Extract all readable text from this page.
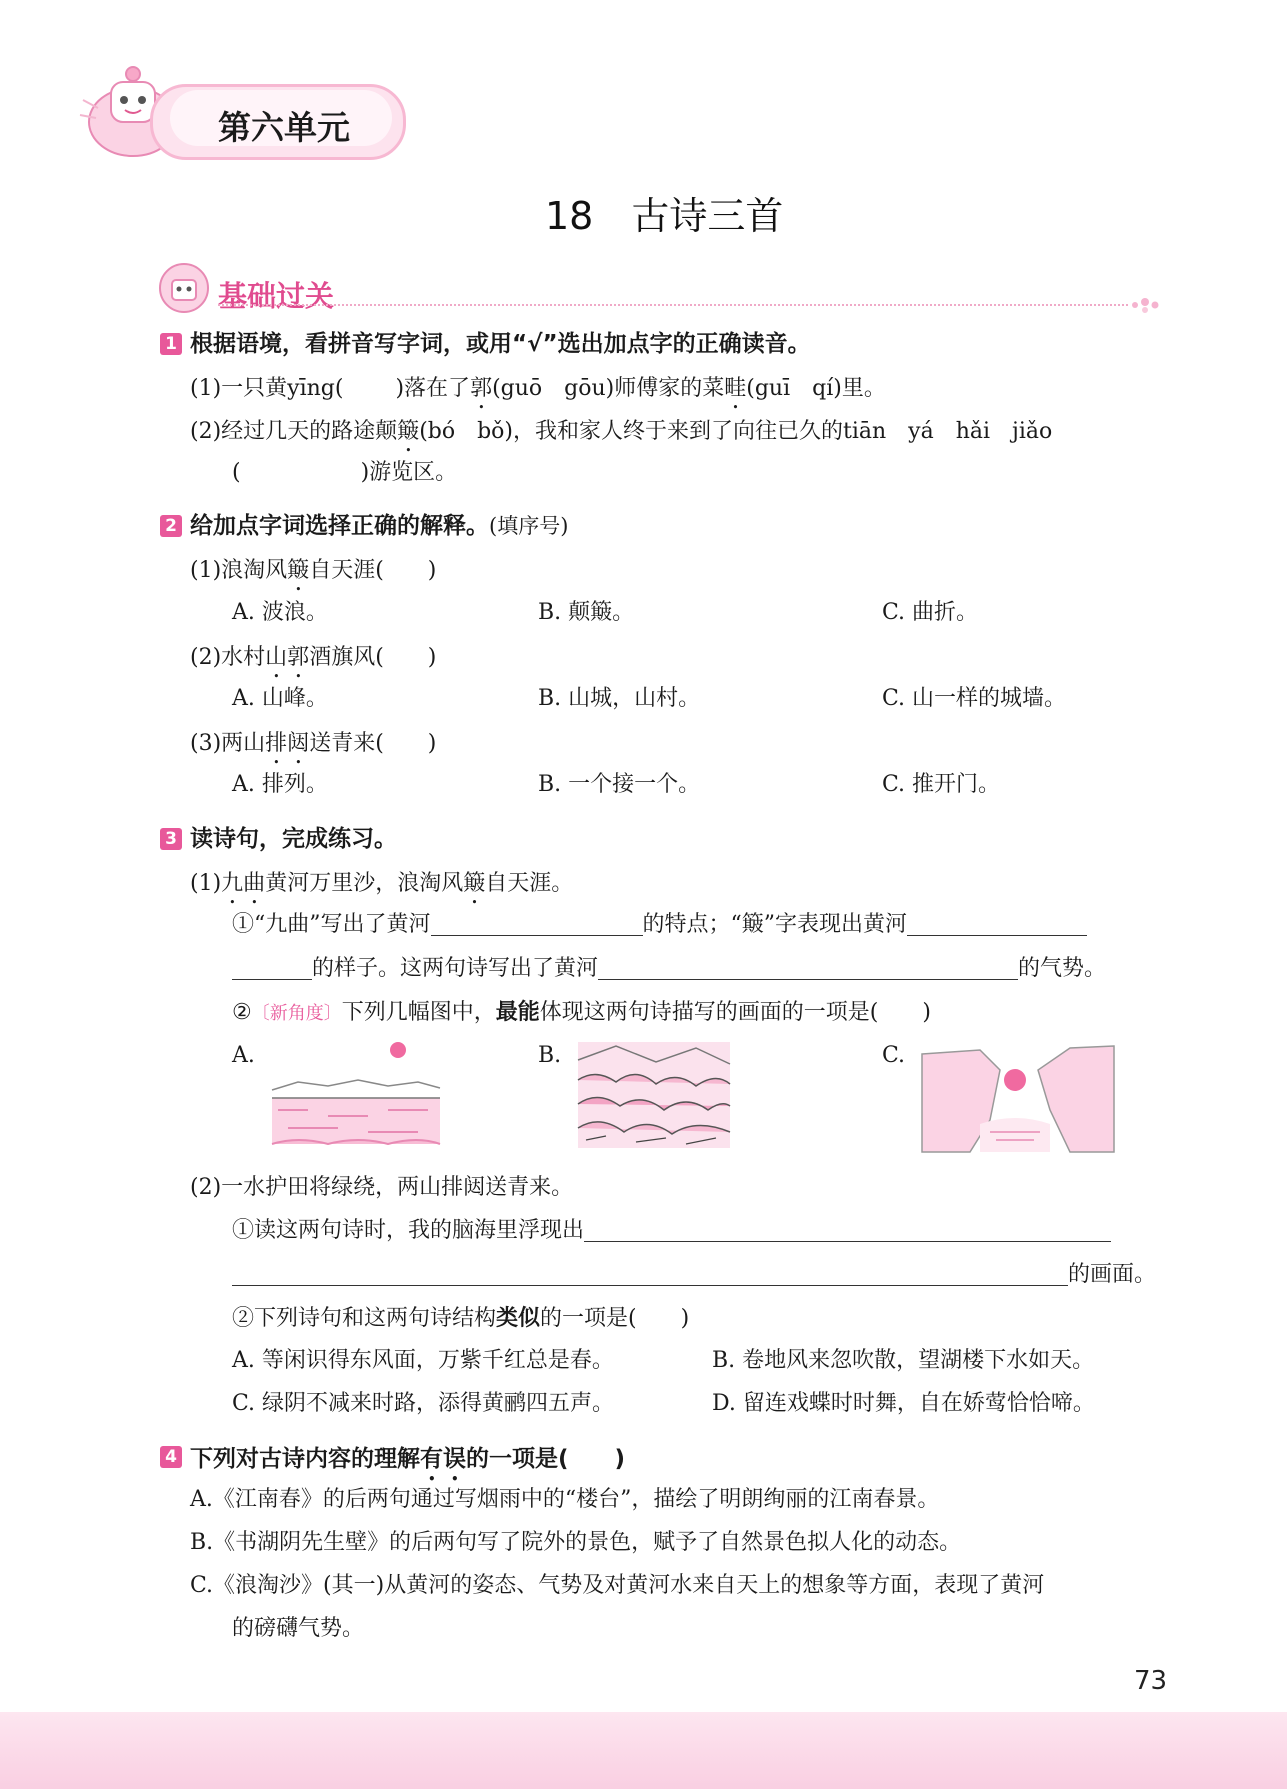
第六单元
18　古诗三首
基础过关
1 根据语境，看拼音写字词，或用“√”选出加点字的正确读音。
(1)一只黄yīng( )落在了郭(guō　gōu)师傅家的菜畦(guī　qí)里。
(2)经过几天的路途颠簸(bó　bǒ)，我和家人终于来到了向往已久的tiān　yá　hǎi　jiǎo
(	)游览区。
2 给加点字词选择正确的解释。(填序号)
(1)浪淘风簸自天涯(　　)
A. 波浪。	B. 颠簸。	C. 曲折。
(2)水村山郭酒旗风(　　)
A. 山峰。	B. 山城，山村。	C. 山一样的城墙。
(3)两山排闼送青来(　　)
A. 排列。	B. 一个接一个。	C. 推开门。
3 读诗句，完成练习。
(1)九曲黄河万里沙，浪淘风簸自天涯。
①“九曲”写出了黄河	的特点；“簸”字表现出黄河
的样子。这两句诗写出了黄河	的气势。
②〔新角度〕下列几幅图中，最能体现这两句诗描写的画面的一项是(　　)
A.	B.	C.
(2)一水护田将绿绕，两山排闼送青来。
①读这两句诗时，我的脑海里浮现出
的画面。
②下列诗句和这两句诗结构类似的一项是(　　)
A. 等闲识得东风面，万紫千红总是春。	B. 卷地风来忽吹散，望湖楼下水如天。
C. 绿阴不减来时路，添得黄鹂四五声。	D. 留连戏蝶时时舞，自在娇莺恰恰啼。
4 下列对古诗内容的理解有误的一项是(　　)
A.《江南春》的后两句通过写烟雨中的“楼台”，描绘了明朗绚丽的江南春景。
B.《书湖阴先生壁》的后两句写了院外的景色，赋予了自然景色拟人化的动态。
C.《浪淘沙》(其一)从黄河的姿态、气势及对黄河水来自天上的想象等方面，表现了黄河
的磅礴气势。
73
